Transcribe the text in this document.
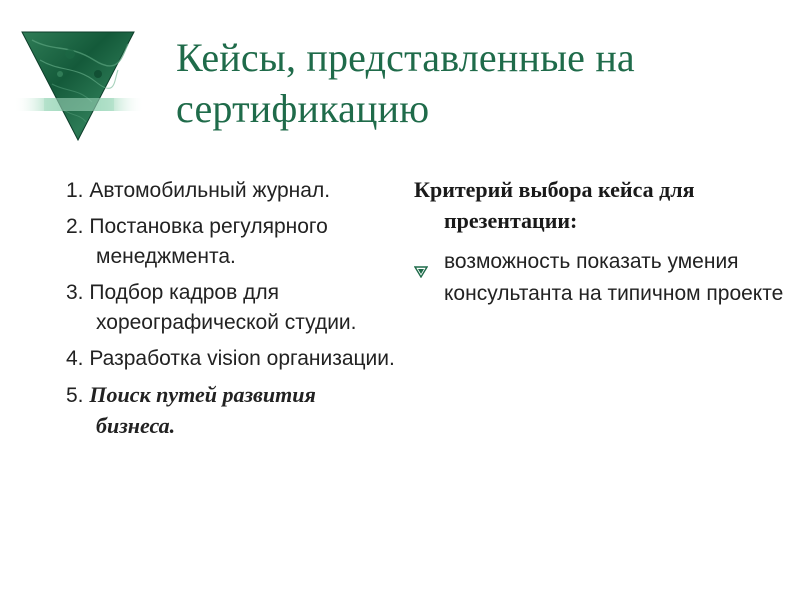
Кейсы, представленные на
сертификацию
1. Автомобильный журнал.
2. Постановка регулярного менеджмента.
3. Подбор кадров для хореографической студии.
4. Разработка vision организации.
5. Поиск путей развития бизнеса.
Критерий выбора кейса для презентации:
возможность показать умения консультанта на типичном проекте
